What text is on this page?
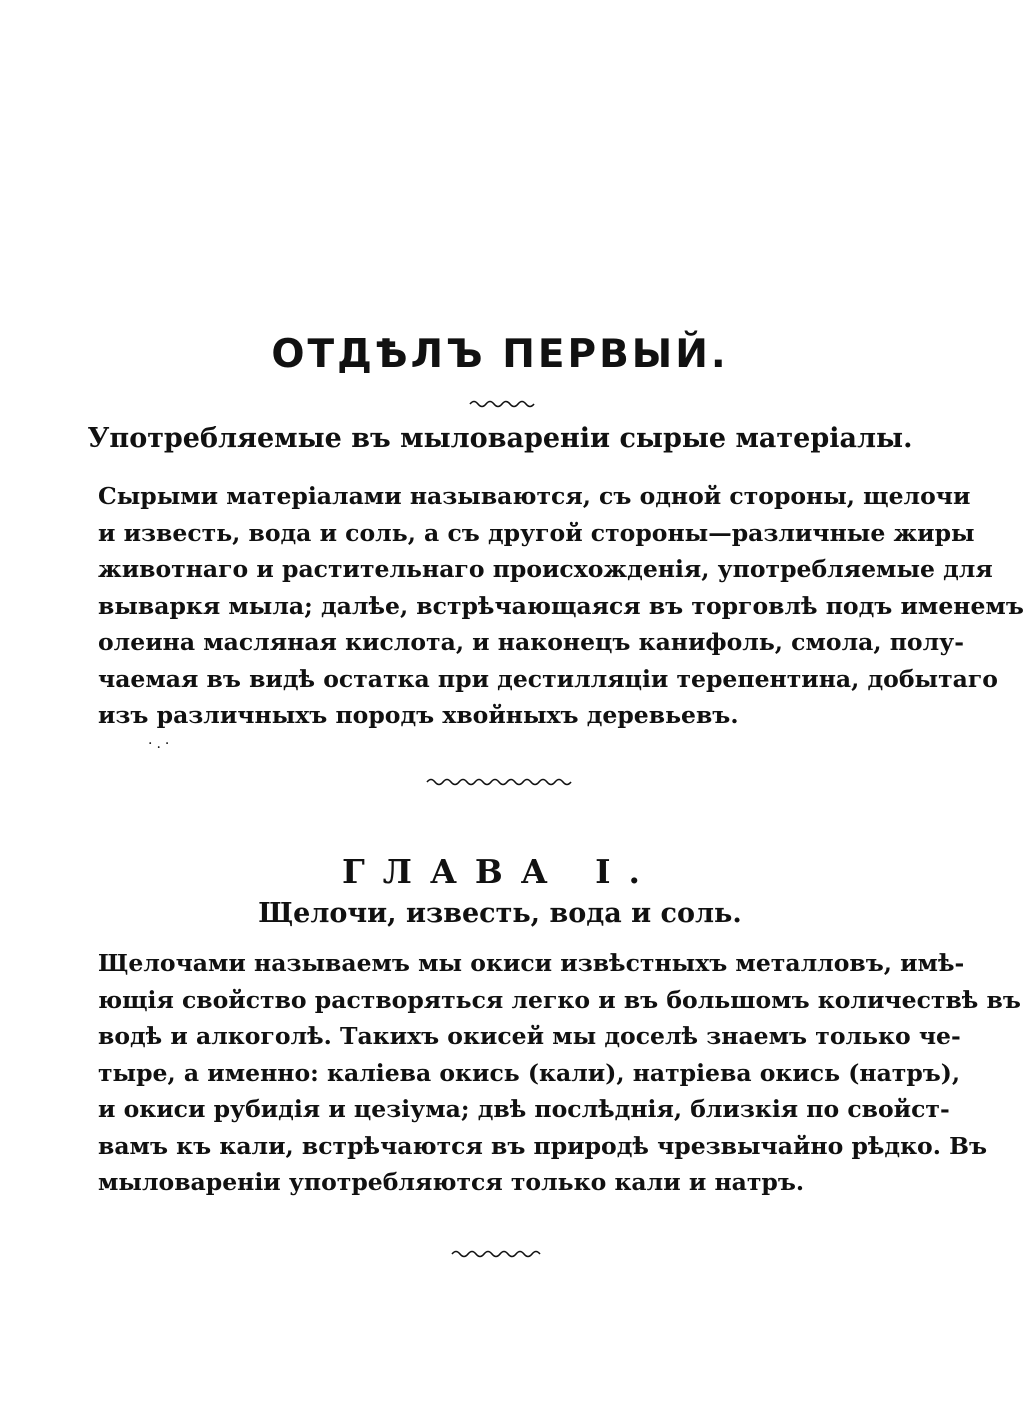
ОТДѢЛЪ ПЕРВЫЙ.
Употребляемые въ мыловареніи сырые матеріалы.
Сырыми матеріалами называются, съ одной стороны, щелочи
и известь, вода и соль, а съ другой стороны—различные жиры
животнаго и растительнаго происхожденія, употребляемые для
вываркя мыла; далѣе, встрѣчающаяся въ торговлѣ подъ именемъ
олеина масляная кислота, и наконецъ канифоль, смола, полу-
чаемая въ видѣ остатка при дестилляціи терепентина, добытаго
изъ различныхъ породъ хвойныхъ деревьевъ.
·.·
ГЛАВА I.
Щелочи, известь, вода и соль.
Щелочами называемъ мы окиси извѣстныхъ металловъ, имѣ-
ющія свойство растворяться легко и въ большомъ количествѣ въ
водѣ и алкоголѣ. Такихъ окисей мы доселѣ знаемъ только че-
тыре, а именно: каліева окись (кали), натріева окись (натръ),
и окиси рубидія и цезіума; двѣ послѣднія, близкія по свойст-
вамъ къ кали, встрѣчаются въ природѣ чрезвычайно рѣдко. Въ
мыловареніи употребляются только кали и натръ.
